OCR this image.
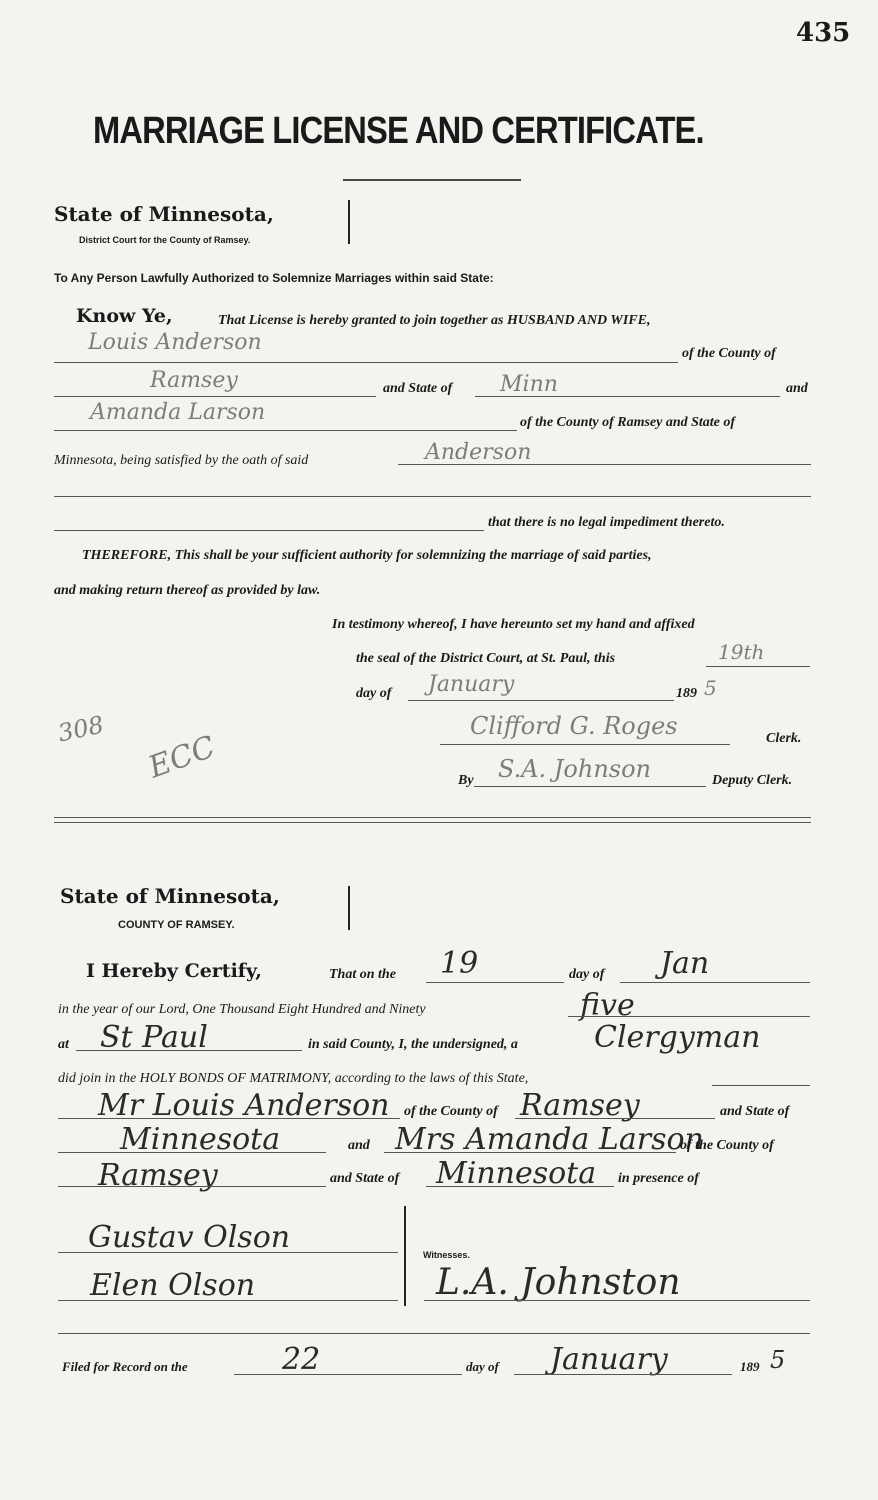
435
MARRIAGE LICENSE AND CERTIFICATE.
State of Minnesota,
District Court for the County of Ramsey.
To Any Person Lawfully Authorized to Solemnize Marriages within said State:
Know Ye,	That License is hereby granted to join together as HUSBAND AND WIFE,
Louis Anderson	of the County of
Ramsey	and State of Minn	and
Amanda Larson	of the County of Ramsey and State of
Minnesota, being satisfied by the oath of said	Anderson
that there is no legal impediment thereto.
THEREFORE, This shall be your sufficient authority for solemnizing the marriage of said parties,
and making return thereof as provided by law.
In testimony whereof, I have hereunto set my hand and affixed
the seal of the District Court, at St. Paul, this	19th
day of January	189 5
Clifford G. Roges	Clerk.
By S.A. Johnson	Deputy Clerk.
308
ECC
State of Minnesota,
COUNTY OF RAMSEY.
I Hereby Certify,	That on the 19	day of Jan
in the year of our Lord, One Thousand Eight Hundred and Ninety	five
at St Paul	in said County, I, the undersigned, a	Clergyman
did join in the HOLY BONDS OF MATRIMONY, according to the laws of this State,
Mr Louis Anderson of the County of Ramsey	and State of
Minnesota	and Mrs Amanda Larson
of the County of
Ramsey	and State of Minnesota in presence of
Gustav Olson
Elen Olson
Witnesses.
L.A. Johnston
Filed for Record on the	22	day of January	189 5
